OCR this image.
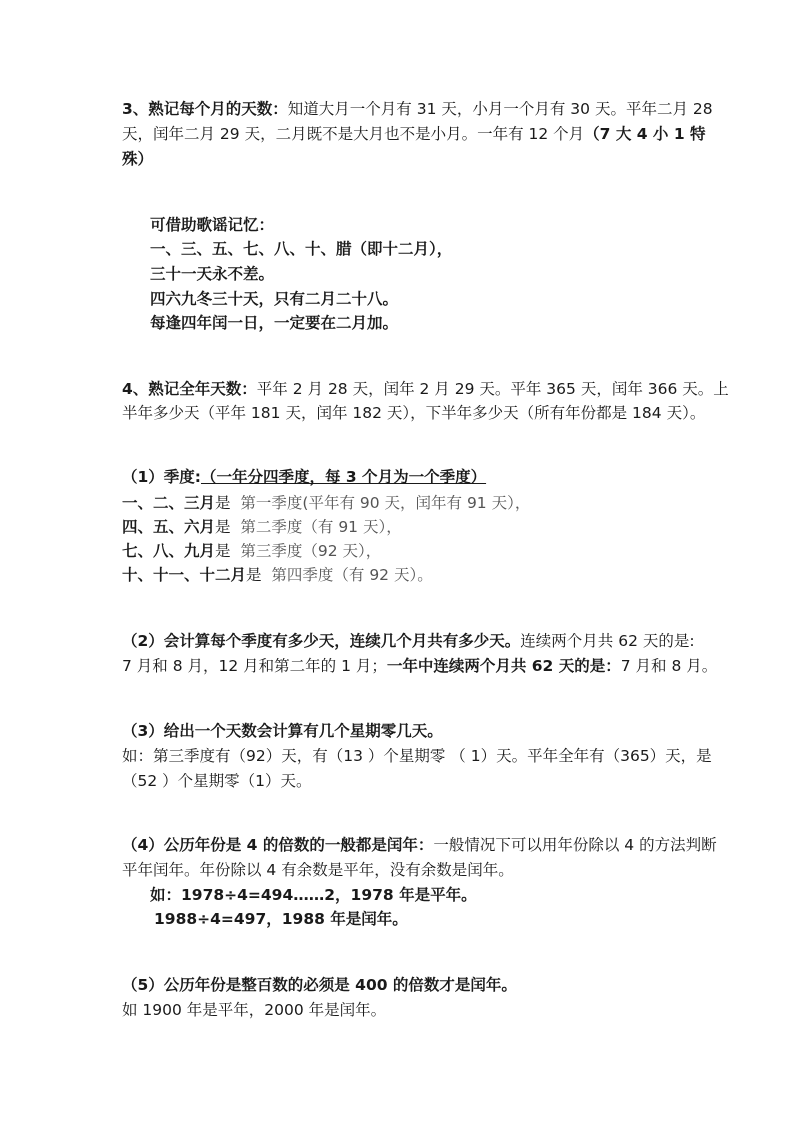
3、熟记每个月的天数：知道大月一个月有 31 天，小月一个月有 30 天。平年二月 28
天，闰年二月 29 天，二月既不是大月也不是小月。一年有 12 个月（7 大 4 小 1 特
殊）
可借助歌谣记忆：
一、三、五、七、八、十、腊（即十二月），
三十一天永不差。
四六九冬三十天，只有二月二十八。
每逢四年闰一日，一定要在二月加。
4、熟记全年天数：平年 2 月 28 天，闰年 2 月 29 天。平年 365 天，闰年 366 天。上
半年多少天（平年 181 天，闰年 182 天），下半年多少天（所有年份都是 184 天）。
（1）季度:（一年分四季度，每 3 个月为一个季度）
一、二、三月是 第一季度(平年有 90 天，闰年有 91 天），
四、五、六月是 第二季度（有 91 天），
七、八、九月是 第三季度（92 天），
十、十一、十二月是 第四季度（有 92 天）。
（2）会计算每个季度有多少天，连续几个月共有多少天。连续两个月共 62 天的是:
7 月和 8 月，12 月和第二年的 1 月；一年中连续两个月共 62 天的是：7 月和 8 月。
（3）给出一个天数会计算有几个星期零几天。
如：第三季度有（92）天，有（13 ）个星期零 （ 1）天。平年全年有（365）天，是
（52 ）个星期零（1）天。
（4）公历年份是 4 的倍数的一般都是闰年：一般情况下可以用年份除以 4 的方法判断
平年闰年。年份除以 4 有余数是平年，没有余数是闰年。
如：1978÷4=494……2，1978 年是平年。
1988÷4=497，1988 年是闰年。
（5）公历年份是整百数的必须是 400 的倍数才是闰年。
如 1900 年是平年，2000 年是闰年。
